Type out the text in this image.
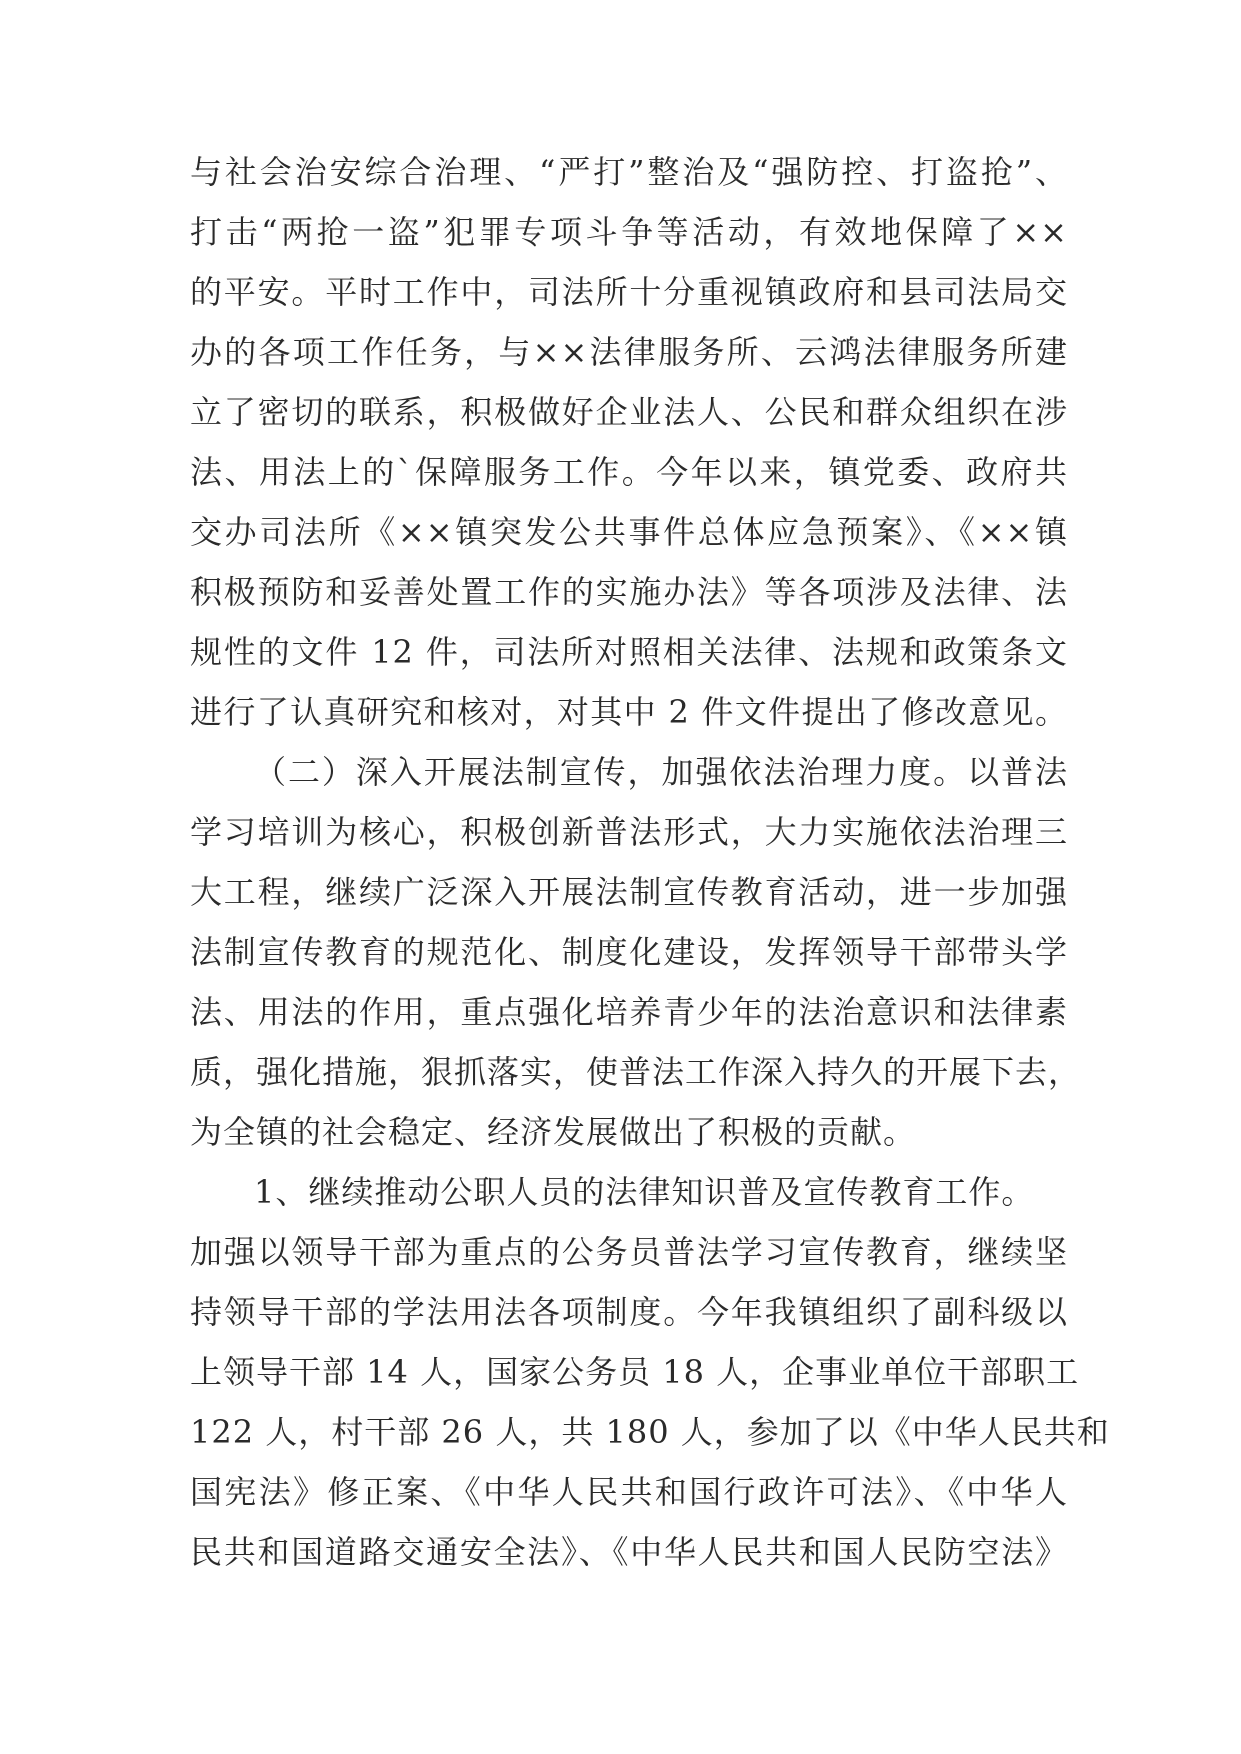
与社会治安综合治理、“严打”整治及“强防控、打盗抢”、
打击“两抢一盗”犯罪专项斗争等活动，有效地保障了××
的平安。平时工作中，司法所十分重视镇政府和县司法局交
办的各项工作任务，与××法律服务所、云鸿法律服务所建
立了密切的联系，积极做好企业法人、公民和群众组织在涉
法、用法上的`保障服务工作。今年以来，镇党委、政府共
交办司法所《××镇突发公共事件总体应急预案》、《××镇
积极预防和妥善处置工作的实施办法》等各项涉及法律、法
规性的文件 12 件，司法所对照相关法律、法规和政策条文
进行了认真研究和核对，对其中 2 件文件提出了修改意见。
（二）深入开展法制宣传，加强依法治理力度。以普法
学习培训为核心，积极创新普法形式，大力实施依法治理三
大工程，继续广泛深入开展法制宣传教育活动，进一步加强
法制宣传教育的规范化、制度化建设，发挥领导干部带头学
法、用法的作用，重点强化培养青少年的法治意识和法律素
质，强化措施，狠抓落实，使普法工作深入持久的开展下去，
为全镇的社会稳定、经济发展做出了积极的贡献。
1、继续推动公职人员的法律知识普及宣传教育工作。
加强以领导干部为重点的公务员普法学习宣传教育，继续坚
持领导干部的学法用法各项制度。今年我镇组织了副科级以
上领导干部 14 人，国家公务员 18 人，企事业单位干部职工
122 人，村干部 26 人，共 180 人，参加了以《中华人民共和
国宪法》修正案、《中华人民共和国行政许可法》、《中华人
民共和国道路交通安全法》、《中华人民共和国人民防空法》
